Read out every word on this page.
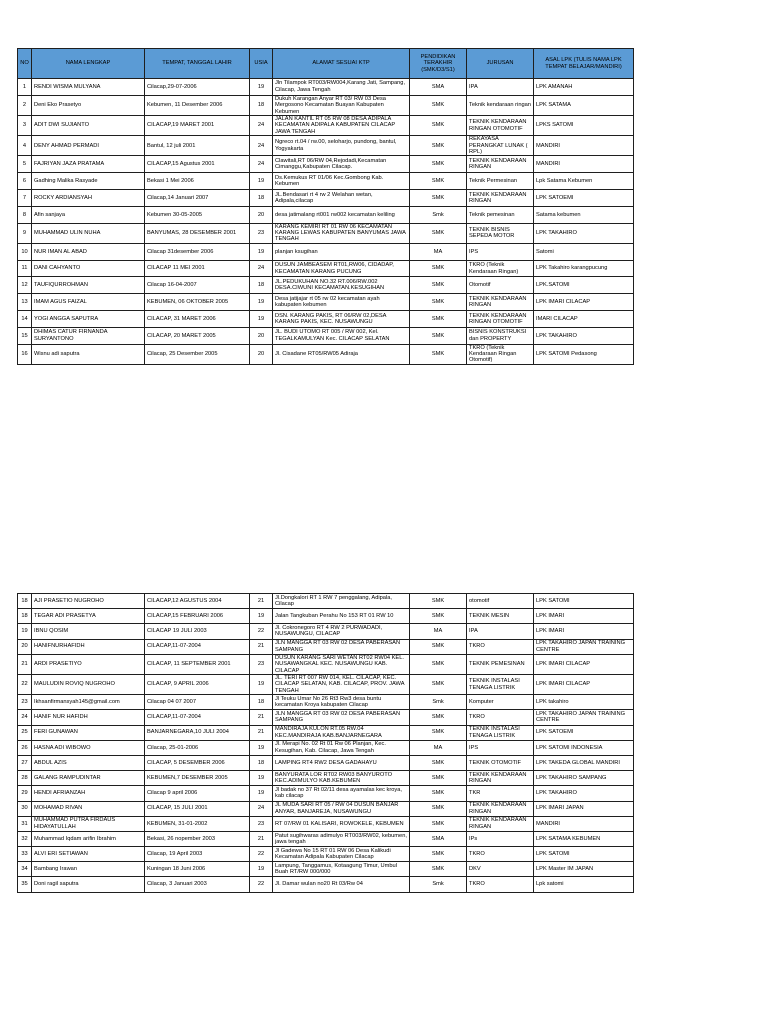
NO	NAMA LENGKAP	TEMPAT, TANGGAL LAHIR	USIA	ALAMAT SESUAI KTP	PENDIDIKAN TERAKHIR (SMK/D3/S1)	JURUSAN	ASAL LPK (TULIS NAMA LPK TEMPAT BELAJAR/MANDIRI)
1	RENDI WISMA MULYANA	Cilacap,29-07-2006	19	Jln Tilampok RT003/RW004,Karang Jati, Sampang, Cilacap, Jawa Tengah	SMA	IPA	LPK AMANAH
2	Deni Eko Prasetyo	Kebumen, 11 Desember 2006	18	Dukuh Karangan Anyar RT 03/ RW 03 Desa Mergosono Kecamatan Buayan Kabupaten Kebumen	SMK	Teknik kendaraan ringan	LPK SATAMA
3	ADIT DWI SUJIANTO	CILACAP,19 MARET 2001	24	JALAN KANTIL RT 05 RW 08 DESA ADIPALA KECAMATAN ADIPALA KABUPATEN CILACAP JAWA TENGAH	SMK	TEKNIK KENDARAAN RINGAN OTOMOTIF	LPKS SATOMI
4	DENY AHMAD PERMADI	Bantul, 12 juli 2001	24	Ngreco rt.04 / rw.00, seloharjo, pundong, bantul, Yogyakarta	SMK	REKAYASA PERANGKAT LUNAK ( RPL)	MANDIRI
5	FAJRIYAN JAZA PRATAMA	CILACAP,15 Agustus 2001	24	Clawitali,RT 06/RW 04,Rejodadi,Kecamatan Cimanggu,Kabupaten Cilacap.	SMK	TEKNIK KENDARAAN RINGAN	MANDIRI
6	Gadhing Malika Rasyade	Bekasi 1 Mei 2006	19	Ds.Kemukus RT 01/06 Kec.Gombong Kab. Kebumen	SMK	Teknik Permesinan	Lpk Satama Kebumen
7	ROCKY ARDIANSYAH	Cilacap,14 Januari 2007	18	JL.Bendasari rt 4 rw 2 Welahan wetan, Adipala,cilacap	SMK	TEKNIK KENDARAAN RINGAN	LPK SATOEMI
8	Afin sanjaya	Kebumen 30-05-2005	20	desa jatimalang rt001 rw002 kecamatan keliling	Smk	Teknik pemesinan	Satama kebumen
9	MUHAMMAD ULIN NUHA	BANYUMAS, 28 DESEMBER 2001	23	KARANG KEMIRI RT 01 RW 06 KECAMATAN KARANG LEWAS KABUPATEN BANYUMAS JAWA TENGAH	SMK	TEKNIK BISNIS SEPEDA MOTOR	LPK TAKAHIRO
10	NUR IMAN AL ABAD	Cilacap 31desember 2006	19	planjan ksugihan	MA	IPS	Satomi
11	DANI CAHYANTO	CILACAP 11 MEI 2001	24	DUSUN JAMBEASEM RT01,RW06, CIDADAP, KECAMATAN KARANG PUCUNG	SMK	TKRO (Teknik Kendaraan Ringan)	LPK Takahiro karangpucung
12	TAUFIQURROHMAN	Cilacap 16-04-2007	18	JL.PEDUKUHAN NO.32 RT.006/RW.002 DESA.CIWUNI KECAMATAN.KESUGIHAN	SMK	Otomotif	LPK.SATOMI
13	IMAM AGUS FAIZAL	KEBUMEN, 06 OKTOBER 2005	19	Desa jatijajar rt 05 rw 02 kecamatan ayah kabupaten kebumen	SMK	TEKNIK KENDARAAN RINGAN	LPK IMARI CILACAP
14	YOGI ANGGA SAPUTRA	CILACAP, 31 MARET 2006	19	DSN. KARANG PAKIS, RT 06/RW 02,DESA KARANG PAKIS, KEC. NUSAWUNGU	SMK	TEKNIK KENDARAAN RINGAN OTOMOTIF	IMARI CILACAP
15	DHIMAS CATUR FIRNANDA SURYANTONO	CILACAP, 20 MARET 2005	20	JL. BUDI UTOMO RT 005 / RW 002, Kel. TEGALKAMULYAN Kec. CILACAP SELATAN	SMK	BISNIS KONSTRUKSI dan PROPERTY	LPK TAKAHIRO
16	Wisnu adi saputra	Cilacap, 25 Desember 2005	20	Jl. Cisadane RT05/RW05 Adiraja	SMK	TKRO (Teknik Kendaraan Ringan Otomotif)	LPK SATOMI Pedasong
18	AJI PRASETIO NUGROHO	CILACAP,12 AGUSTUS 2004	21	Jl.Dongkalori RT 1 RW 7 penggalang, Adipala, Cilacap	SMK	otomotif	LPK SATOMI
18	TEGAR ADI PRASETYA	CILACAP,15 FEBRUARI 2006	19	Jalan Tangkuban Perahu No 153 RT 01 RW 10	SMK	TEKNIK MESIN	LPK IMARI
19	IBNU QOSIM	CILACAP 19 JULI 2003	22	Jl. Cokronegoro RT 4 RW 2 PURWADADI, NUSAWUNGU, CILACAP	MA	IPA	LPK IMARI
20	HANIFNURHAFIDH	CILACAP,11-07-2004	21	JLN MANGGA RT 03 RW 02 DESA PABERASAN SAMPANG	SMK	TKRO	LPK TAKAHIRO JAPAN TRAINING CENTRE
21	ARDI PRASETIYO	CILACAP, 11 SEPTEMBER 2001	23	DUSUN KARANG SARI WETAN RT02 RW04 KEL. NUSAWANGKAL KEC. NUSAWUNGU KAB. CILACAP	SMK	TEKNIK PEMESINAN	LPK IMARI CILACAP
22	MAULUDIN ROVIQ NUGROHO	CILACAP, 9 APRIL 2006	19	JL. TERI RT 007 RW 014, KEL. CILACAP, KEC. CILACAP SELATAN, KAB. CILACAP, PROV. JAWA TENGAH	SMK	TEKNIK INSTALASI TENAGA LISTRIK	LPK IMARI CILACAP
23	Ikhsanfirmansyah145@gmail.com	Cilacap 04 07 2007	18	Jl Teuku Umar No 26 Rt3 Rw3 desa buntu kecamatan Kroya kabupaten Cilacap	Smk	Komputer	LPK takahiro
24	HANIF NUR HAFIDH	CILACAP,11-07-2004	21	JLN MANGGA RT 03 RW 02 DESA PABERASAN SAMPANG	SMK	TKRO	LPK TAKAHIRO JAPAN TRAINING CENTRE
25	FERI GUNAWAN	BANJARNEGARA,10 JULI 2004	21	MANDIRAJA KULON RT.05 RW.04 KEC.MANDIRAJA KAB.BANJARNEGARA	SMK	TEKNIK INSTALASI TENAGA LISTRIK	LPK SATOEMI
26	HASNA ADI WIBOWO	Cilacap, 25-01-2006	19	Jl. Merapi No. 02 Rt 01 Rw 06 Planjan, Kec. Kesugihan, Kab. Cilacap, Jawa Tengah	MA	IPS	LPK SATOMI INDONESIA
27	ABDUL AZIS	CILACAP, 5 DESEMBER 2006	18	LAMPING RT4 RW2 DESA GADAHAYU	SMK	TEKNIK OTOMOTIF	LPK TAKEDA GLOBAL MANDIRI
28	GALANG RAMPUDINTAR	KEBUMEN,7 DESEMBER 2005	19	BANYURATA LOR RT02 RW03 BANYUROTO KEC.ADIMULYO KAB.KEBUMEN	SMK	TEKNIK KENDARAAN RINGAN	LPK TAKAHIRO SAMPANG
29	HENDI AFRIANZAH	Cilacap 9 april 2006	19	Jl badak no 37 Rt 02/11 desa ayamalas kec kroya, kab cilacap	SMK	TKR	LPK TAKAHIRO
30	MOHAMAD RIVAN	CILACAP, 15 JULI 2001	24	JL MUDA SARI RT 05 / RW 04 DUSUN BANJAR ANYAR, BANJAREJA, NUSAWUNGU	SMK	TEKNIK KENDARAAN RINGAN	LPK IMARI JAPAN
31	MUHAMMAD PUTRA FIRDAUS HIDAYATULLAH	KEBUMEN, 31-01-2002	23	RT 07/RW 01 KALISARI, ROWOKELE, KEBUMEN	SMK	TEKNIK KENDARAAN RINGAN	MANDIRI
32	Muhammad Iqdam arifin Ibrahim	Bekasi, 26 nopember 2003	21	Patut sugihwaras adimulyo RT003/RW02, kebumen, jawa tengah	SMA	IPs	LPK SATAMA KEBUMEN
33	ALVI ERI SETIAWAN	Cilacap, 19 April 2003	22	Jl Gadewa No 15 RT 01 RW 06 Desa Kalikudi Kecamatan Adipala Kabupaten Cilacap	SMK	TKRO	LPK SATOMI
34	Bambang Irawan	Kuningan 18 Juni 2006	19	Lampung, Tanggamus, Kotaagung Timur, Umbul Buah RT/RW 000/000	SMK	DKV	LPK Master IM JAPAN
35	Doni ragil saputra	Cilacap, 3 Januari 2003	22	Jl. Damar wulan no20 Rt 03/Rw 04	Smk	TKRO	Lpk satomi
